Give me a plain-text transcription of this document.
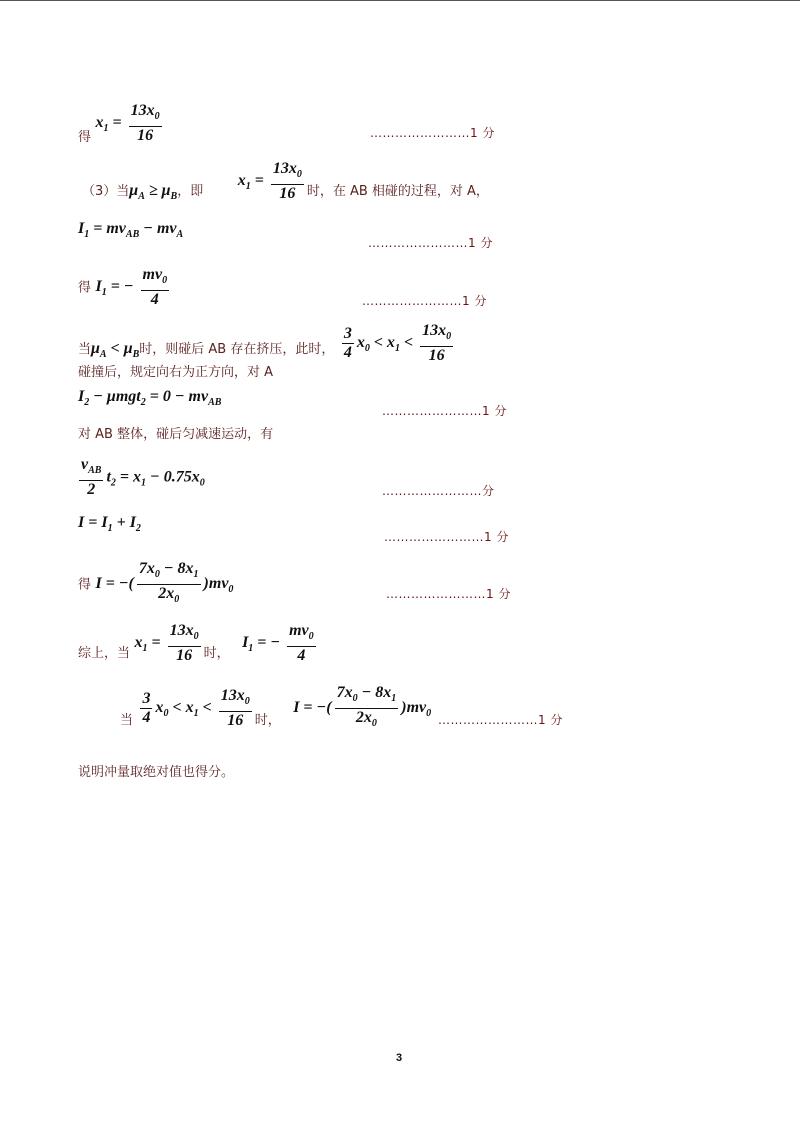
得 $x_1 = \frac{13x_0}{16}$	……………………1 分
（3）当$\mu_A \ge \mu_B$，即 $x_1 = \frac{13x_0}{16}$ 时，在 AB 相碰的过程，对 A，
$I_1 = mv_{AB} - mv_A$
……………………1 分
得 $I_1$ = − $\frac{mv_0}{4}$	……………………1 分
当$\mu_A < \mu_B$时，则碰后 AB 存在挤压，此时， $\frac{3}{4} x_0 < x_1 < \frac{13x_0}{16}$
碰撞后，规定向右为正方向，对 A
$I_2 - \mu mgt_2 = 0 - mv_{AB}$
……………………1 分
对 AB 整体，碰后匀减速运动，有
$\frac{v_{AB}}{2} t_2 = x_1 - 0.75x_0$
……………………分
$I = I_1 + I_2$
……………………1 分
得 I = −( $\frac{7x_0 - 8x_1}{2x_0} )mv_0$	……………………1 分
综上，当 $x_1 = \frac{13x_0}{16}$ 时， $I_1$ = − $\frac{mv_0}{4}$
当 $\frac{3}{4} x_0 < x_1 < \frac{13x_0}{16}$ 时， I = −( $\frac{7x_0 - 8x_1}{2x_0} )mv_0$ ……………………1 分
说明冲量取绝对值也得分。
3
